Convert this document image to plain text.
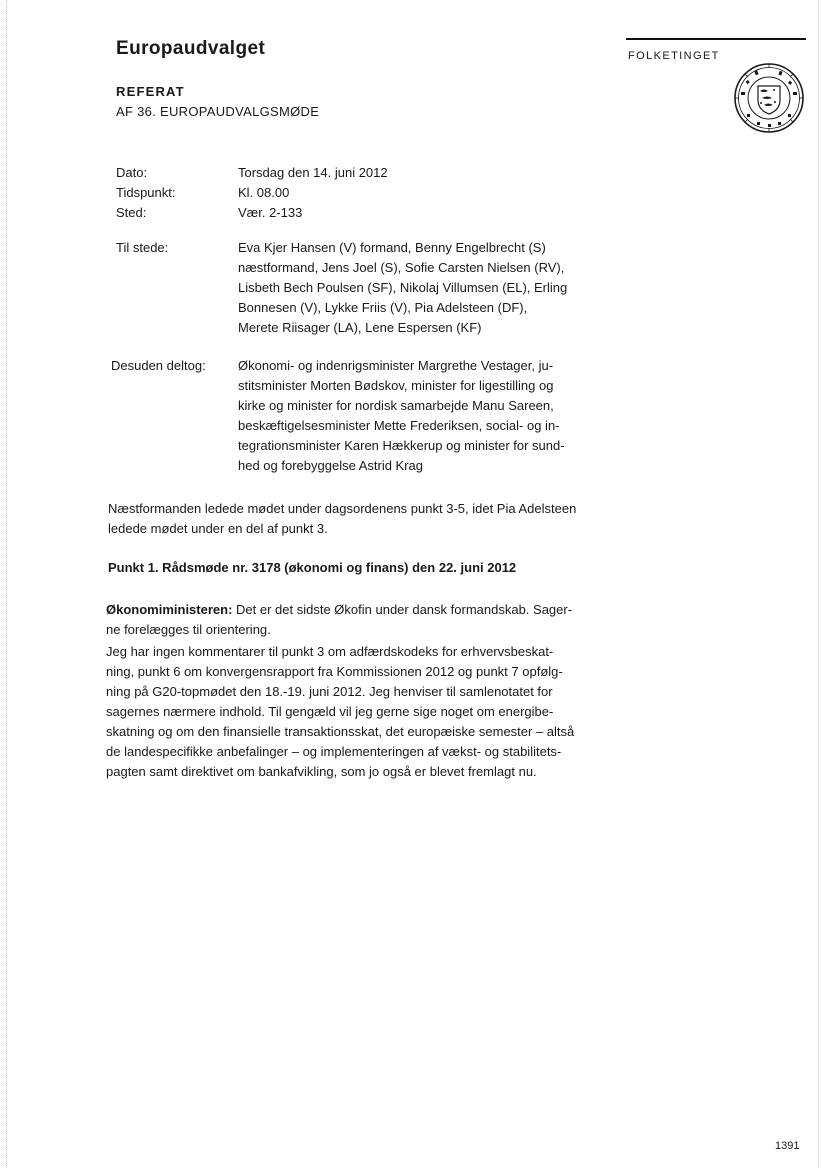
Europaudvalget	FOLKETINGET
REFERAT
AF 36. EUROPAUDVALGSMØDE
Dato:	Torsdag den 14. juni 2012
Tidspunkt:	Kl. 08.00
Sted:	Vær. 2-133
Til stede:	Eva Kjer Hansen (V) formand, Benny Engelbrecht (S)
næstformand, Jens Joel (S), Sofie Carsten Nielsen (RV),
Lisbeth Bech Poulsen (SF), Nikolaj Villumsen (EL), Erling
Bonnesen (V), Lykke Friis (V), Pia Adelsteen (DF),
Merete Riisager (LA), Lene Espersen (KF)
Desuden deltog: Økonomi- og indenrigsminister Margrethe Vestager, ju-
stitsminister Morten Bødskov, minister for ligestilling og
kirke og minister for nordisk samarbejde Manu Sareen,
beskæftigelsesminister Mette Frederiksen, social- og in-
tegrationsminister Karen Hækkerup og minister for sund-
hed og forebyggelse Astrid Krag
Næstformanden ledede mødet under dagsordenens punkt 3-5, idet Pia Adelsteen
ledede mødet under en del af punkt 3.
Punkt 1. Rådsmøde nr. 3178 (økonomi og finans) den 22. juni 2012
Økonomiministeren: Det er det sidste Økofin under dansk formandskab. Sager-
ne forelægges til orientering.
Jeg har ingen kommentarer til punkt 3 om adfærdskodeks for erhvervsbeskat-
ning, punkt 6 om konvergensrapport fra Kommissionen 2012 og punkt 7 opfølg-
ning på G20-topmødet den 18.-19. juni 2012. Jeg henviser til samlenotatet for
sagernes nærmere indhold. Til gengæld vil jeg gerne sige noget om energibe-
skatning og om den finansielle transaktionsskat, det europæiske semester – altså
de landespecifikke anbefalinger – og implementeringen af vækst- og stabilitets-
pagten samt direktivet om bankafvikling, som jo også er blevet fremlagt nu.
1391
